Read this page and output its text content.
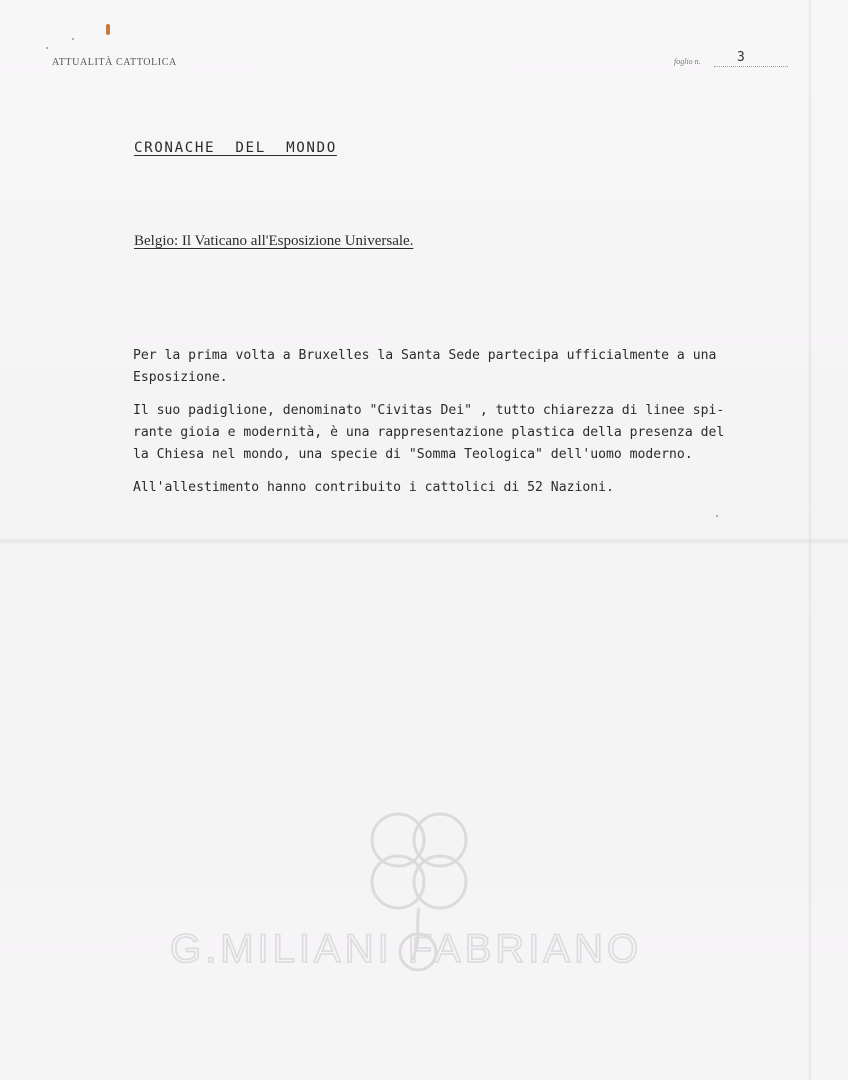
ATTUALITÀ CATTOLICA	foglio n.	3
CRONACHE  DEL  MONDO
Belgio: Il Vaticano all'Esposizione Universale.
Per la prima volta a Bruxelles la Santa Sede partecipa ufficialmente a una
Esposizione.
Il suo padiglione, denominato "Civitas Dei" , tutto chiarezza di linee spi-
rante gioia e modernità, è una rappresentazione plastica della presenza del
la Chiesa nel mondo, una specie di "Somma Teologica" dell'uomo moderno.
All'allestimento hanno contribuito i cattolici di 52 Nazioni.
G.MILIANI FABRIANO
